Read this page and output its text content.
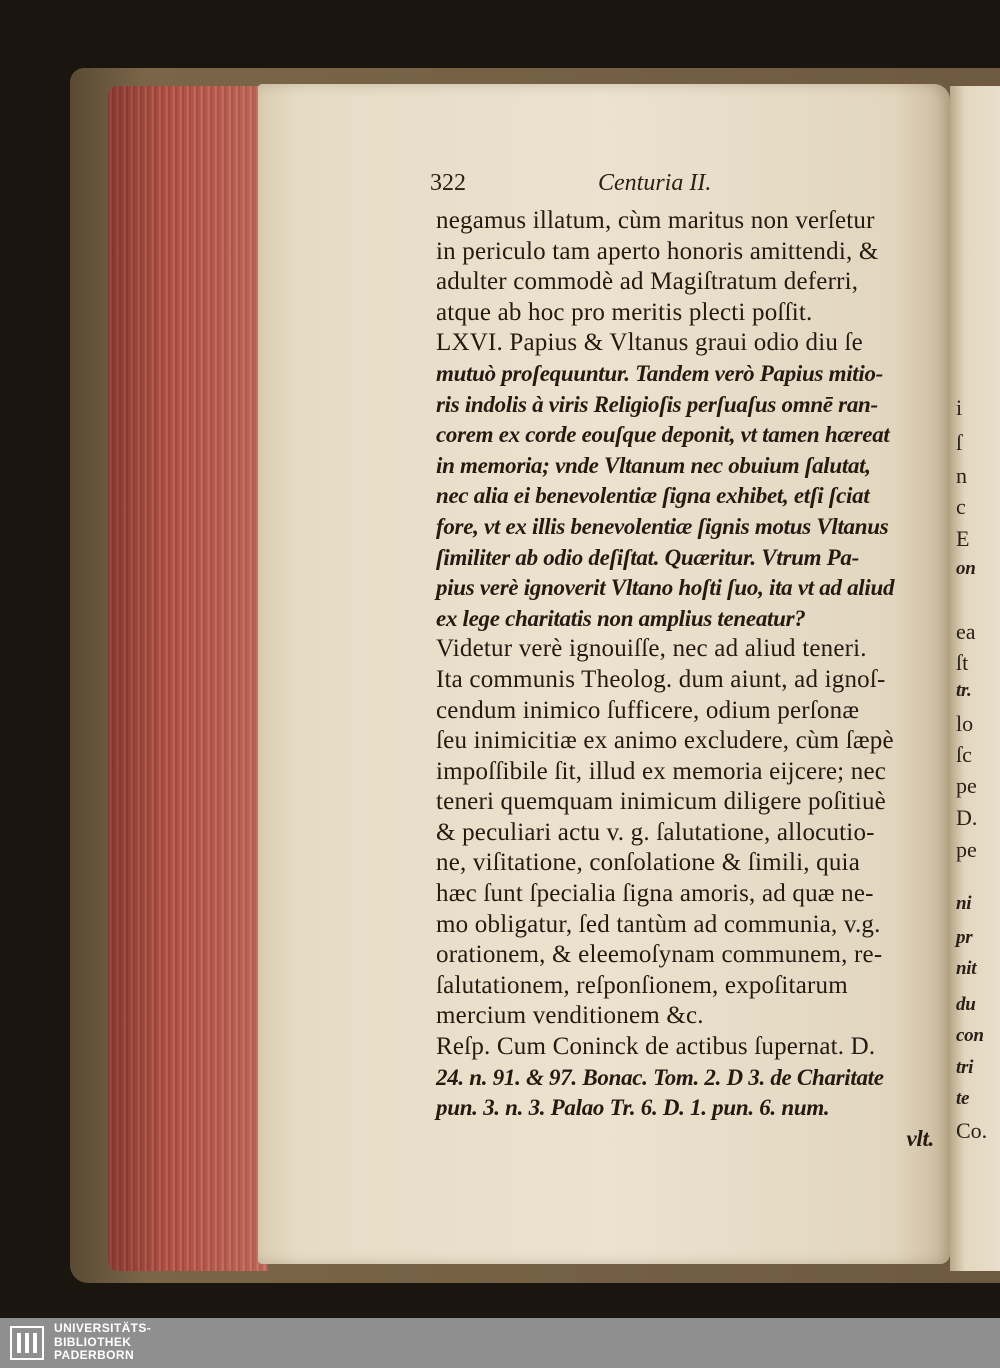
i
ſ
n
c
E
on
ea
ſt
tr.
lo
ſc
pe
D.
pe
ni
pr
nit
du
con
tri
te
Co.
322	Centuria II.
negamus illatum, cùm maritus non verſetur
in periculo tam aperto honoris amittendi, &
adulter commodè ad Magiſtratum deferri,
atque ab hoc pro meritis plecti poſſit.
LXVI. Papius & Vltanus graui odio diu ſe
mutuò proſequuntur. Tandem verò Papius mitio-
ris indolis à viris Religioſis perſuaſus omnē ran-
corem ex corde eouſque deponit, vt tamen hæreat
in memoria; vnde Vltanum nec obuium ſalutat,
nec alia ei benevolentiæ ſigna exhibet, etſi ſciat
fore, vt ex illis benevolentiæ ſignis motus Vltanus
ſimiliter ab odio deſiſtat. Quæritur. Vtrum Pa-
pius verè ignoverit Vltano hoſti ſuo, ita vt ad aliud
ex lege charitatis non amplius teneatur?
Videtur verè ignouiſſe, nec ad aliud teneri.
Ita communis Theolog. dum aiunt, ad ignoſ-
cendum inimico ſufficere, odium perſonæ
ſeu inimicitiæ ex animo excludere, cùm ſæpè
impoſſibile ſit, illud ex memoria eijcere; nec
teneri quemquam inimicum diligere poſitiuè
& peculiari actu v. g. ſalutatione, allocutio-
ne, viſitatione, conſolatione & ſimili, quia
hæc ſunt ſpecialia ſigna amoris, ad quæ ne-
mo obligatur, ſed tantùm ad communia, v.g.
orationem, & eleemoſynam communem, re-
ſalutationem, reſponſionem, expoſitarum
mercium venditionem &c.
Reſp. Cum Coninck de actibus ſupernat. D.
24. n. 91. & 97. Bonac. Tom. 2. D 3. de Charitate
pun. 3. n. 3. Palao Tr. 6. D. 1. pun. 6. num.
vlt.
UNIVERSITÄTS-
BIBLIOTHEK
PADERBORN
